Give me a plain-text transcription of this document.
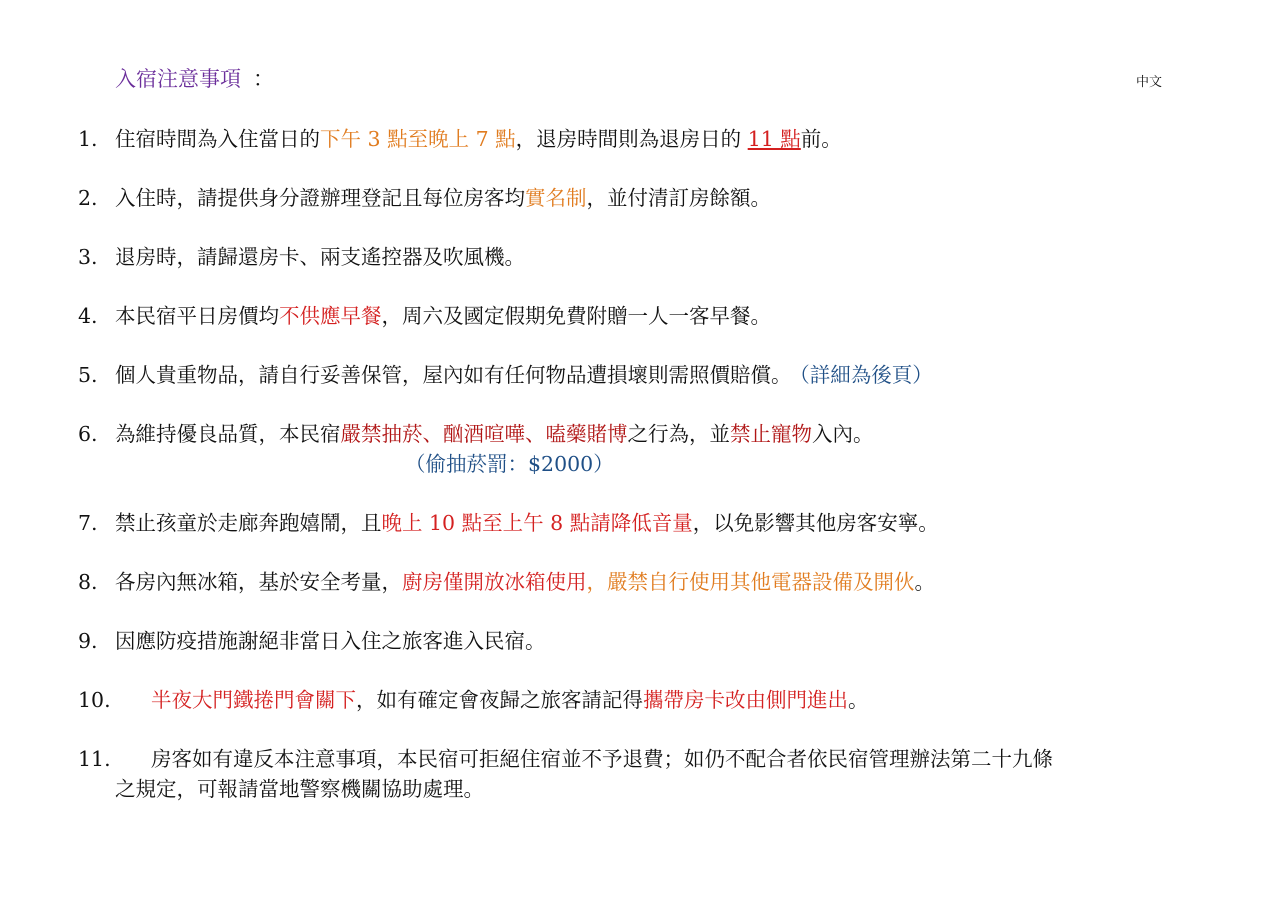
入宿注意事項 ：	中文
1. 住宿時間為入住當日的下午 3 點至晚上 7 點，退房時間則為退房日的 11 點前。
2. 入住時，請提供身分證辦理登記且每位房客均實名制，並付清訂房餘額。
3. 退房時，請歸還房卡、兩支遙控器及吹風機。
4. 本民宿平日房價均不供應早餐，周六及國定假期免費附贈一人一客早餐。
5. 個人貴重物品，請自行妥善保管，屋內如有任何物品遭損壞則需照價賠償。 （詳細為後頁）
6. 為維持優良品質，本民宿嚴禁抽菸、酗酒喧嘩、嗑藥賭博之行為，並禁止寵物入內。
（偷抽菸罰：$2000）
7. 禁止孩童於走廊奔跑嬉鬧，且晚上 10 點至上午 8 點請降低音量，以免影響其他房客安寧。
8. 各房內無冰箱，基於安全考量，廚房僅開放冰箱使用，嚴禁自行使用其他電器設備及開伙。
9. 因應防疫措施謝絕非當日入住之旅客進入民宿。
10. 半夜大門鐵捲門會關下，如有確定會夜歸之旅客請記得攜帶房卡改由側門進出。
11. 房客如有違反本注意事項，本民宿可拒絕住宿並不予退費；如仍不配合者依民宿管理辦法第二十九條
之規定，可報請當地警察機關協助處理。
